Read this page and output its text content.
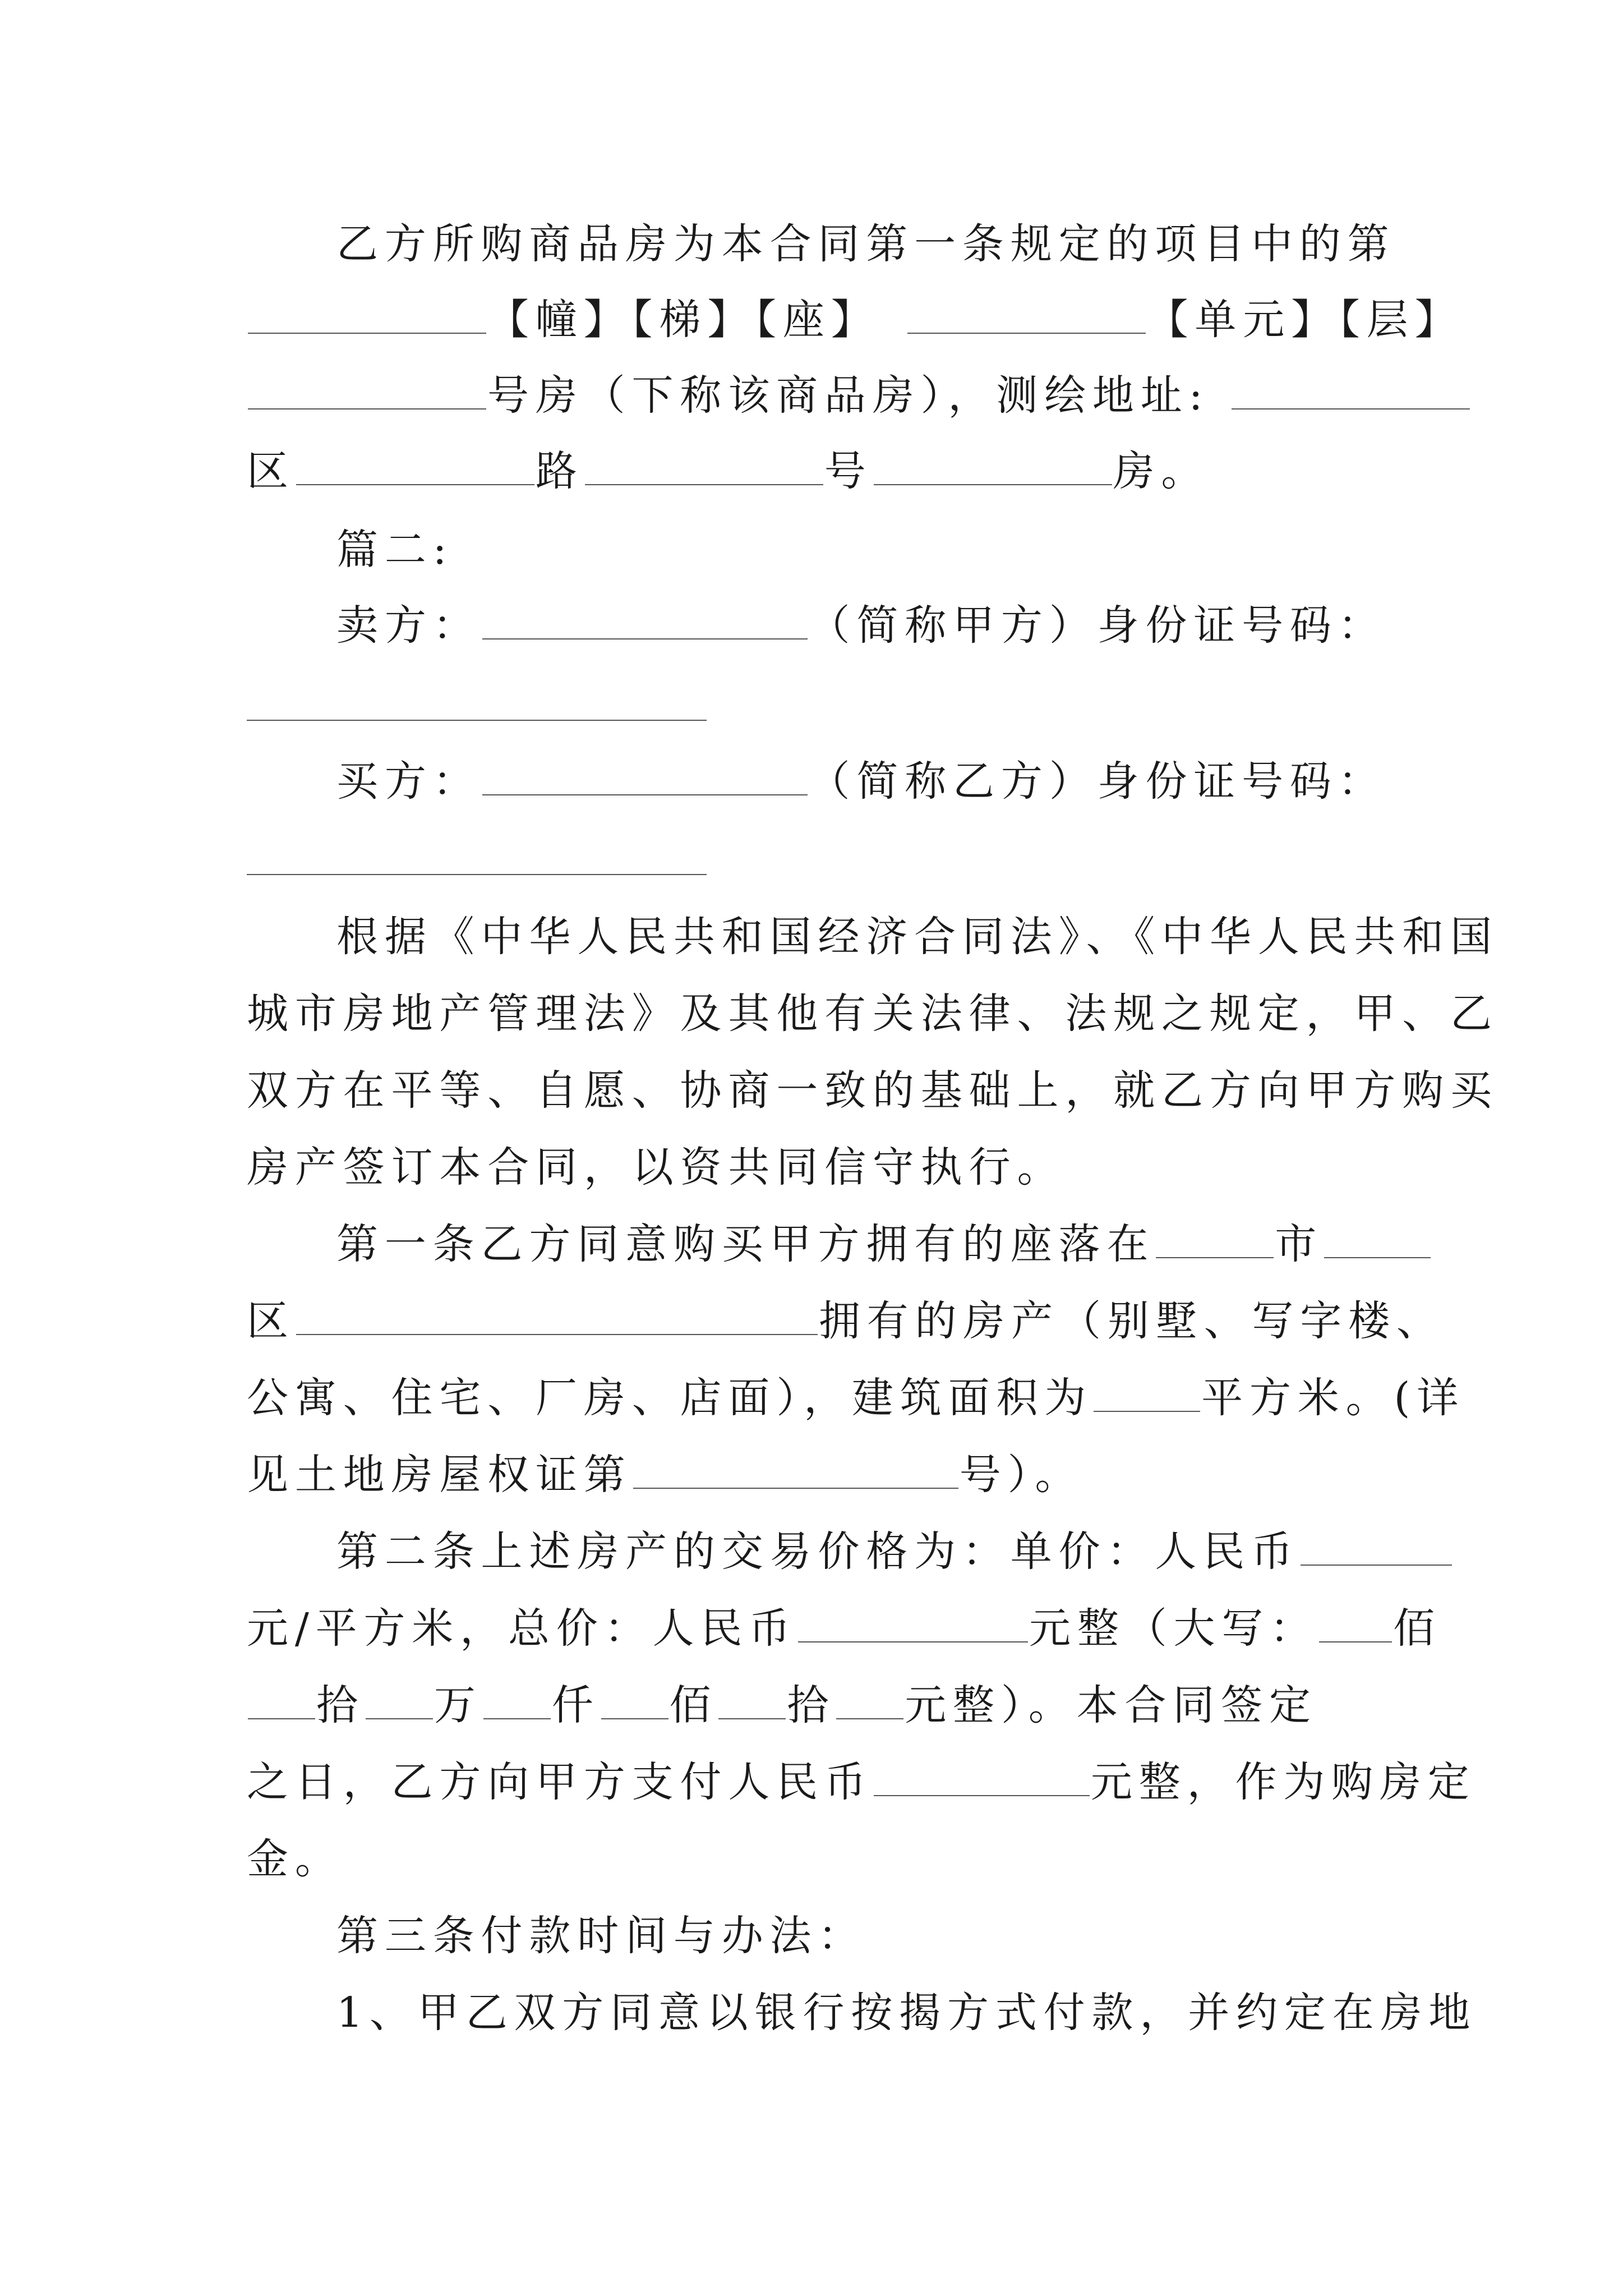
乙方所购商品房为本合同第一条规定的项目中的第
【幢】【梯】【座】	【单元】【层】
号房（下称该商品房），测绘地址:
区	路	号	房。
篇二:
卖方：	（简称甲方）身份证号码：
买方：	（简称乙方）身份证号码：
根据《中华人民共和国经济合同法》、《中华人民共和国
城市房地产管理法》及其他有关法律、法规之规定，甲、乙
双方在平等、自愿、协商一致的基础上，就乙方向甲方购买
房产签订本合同，以资共同信守执行。
第一条乙方同意购买甲方拥有的座落在	市
区	拥有的房产（别墅、写字楼、
公寓、住宅、厂房、店面），建筑面积为	平方米。(详
见土地房屋权证第	号）。
第二条上述房产的交易价格为：单价：人民币
元/平方米，总价：人民币	元整（大写： 佰
拾 万 仟 佰 拾 元整）。本合同签定
之日，乙方向甲方支付人民币	元整，作为购房定
金。
第三条付款时间与办法：
1、甲乙双方同意以银行按揭方式付款，并约定在房地
